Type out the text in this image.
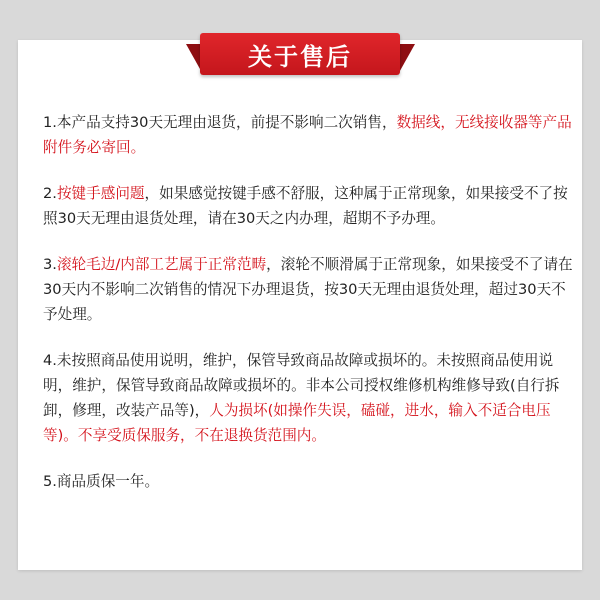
关于售后

1.本产品支持30天无理由退货，前提不影响二次销售，数据线，无线接收器等产品附件务必寄回。

2.按键手感问题，如果感觉按键手感不舒服，这种属于正常现象，如果接受不了按照30天无理由退货处理，请在30天之内办理，超期不予办理。

3.滚轮毛边/内部工艺属于正常范畴，滚轮不顺滑属于正常现象，如果接受不了请在30天内不影响二次销售的情况下办理退货，按30天无理由退货处理，超过30天不予处理。

4.未按照商品使用说明，维护，保管导致商品故障或损坏的。未按照商品使用说明，维护，保管导致商品故障或损坏的。非本公司授权维修机构维修导致(自行拆卸，修理，改装产品等)，人为损坏(如操作失误，磕碰，进水，输入不适合电压等)。不享受质保服务，不在退换货范围内。

5.商品质保一年。
